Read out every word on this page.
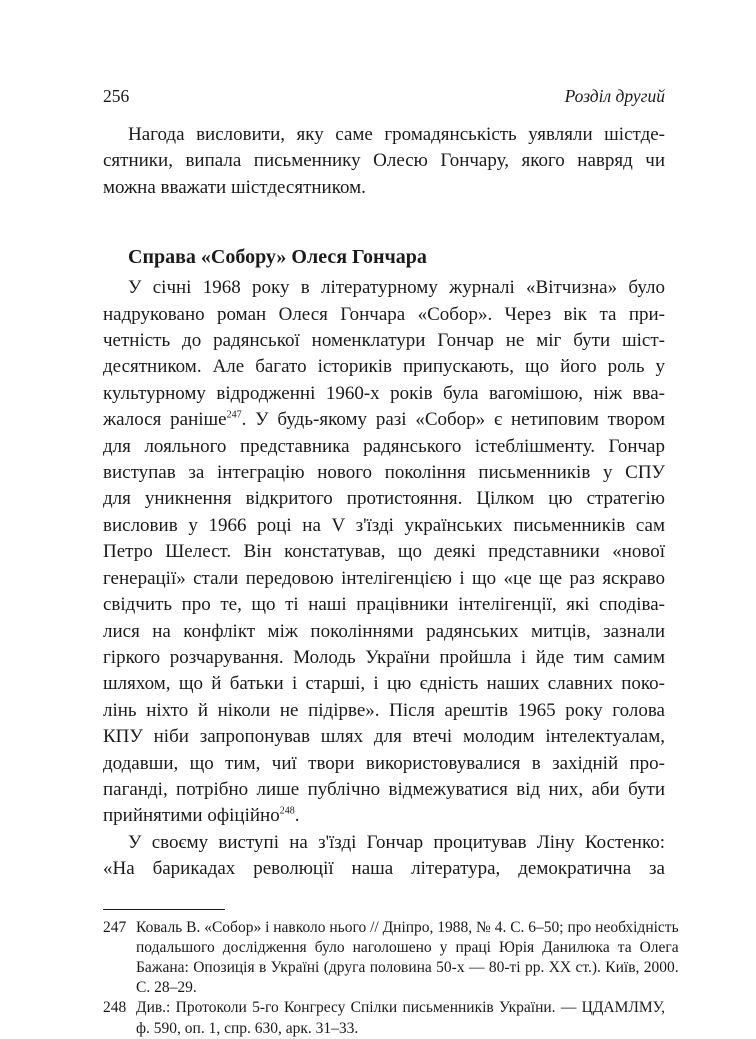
256	Розділ другий

Нагода висловити, яку саме громадянськість уявляли шістде-
сятники, випала письменнику Олесю Гончару, якого навряд чи
можна вважати шістдесятником.

Справа «Собору» Олеся Гончара

У січні 1968 року в літературному журналі «Вітчизна» було
надруковано роман Олеся Гончара «Собор». Через вік та при-
четність до радянської номенклатури Гончар не міг бути шіст-
десятником. Але багато істориків припускають, що його роль у
культурному відродженні 1960-х років була вагомішою, ніж вва-
жалося раніше$^{247}$. У будь-якому разі «Собор» є нетиповим твором
для лояльного представника радянського істеблішменту. Гончар
виступав за інтеграцію нового покоління письменників у СПУ
для уникнення відкритого протистояння. Цілком цю стратегію
висловив у 1966 році на V з'їзді українських письменників сам
Петро Шелест. Він констатував, що деякі представники «нової
генерації» стали передовою інтелігенцією і що «це ще раз яскраво
свідчить про те, що ті наші працівники інтелігенції, які сподіва-
лися на конфлікт між поколіннями радянських митців, зазнали
гіркого розчарування. Молодь України пройшла і йде тим самим
шляхом, що й батьки і старші, і цю єдність наших славних поко-
лінь ніхто й ніколи не підірве». Після арештів 1965 року голова
КПУ ніби запропонував шлях для втечі молодим інтелектуалам,
додавши, що тим, чиї твори використовувалися в західній про-
паганді, потрібно лише публічно відмежуватися від них, аби бути
прийнятими офіційно$^{248}$.

У своєму виступі на з'їзді Гончар процитував Ліну Костенко:
«На барикадах революції наша література, демократична за

247 Коваль В. «Собор» і навколо нього // Дніпро, 1988, № 4. С. 6–50; про необхідність
подальшого дослідження було наголошено у праці Юрія Данилюка та Олега
Бажана: Опозиція в Україні (друга половина 50-х — 80-ті рр. XX ст.). Київ, 2000.
С. 28–29.
248 Див.: Протоколи 5-го Конгресу Спілки письменників України. — ЦДАМЛМУ,
ф. 590, оп. 1, спр. 630, арк. 31–33.
